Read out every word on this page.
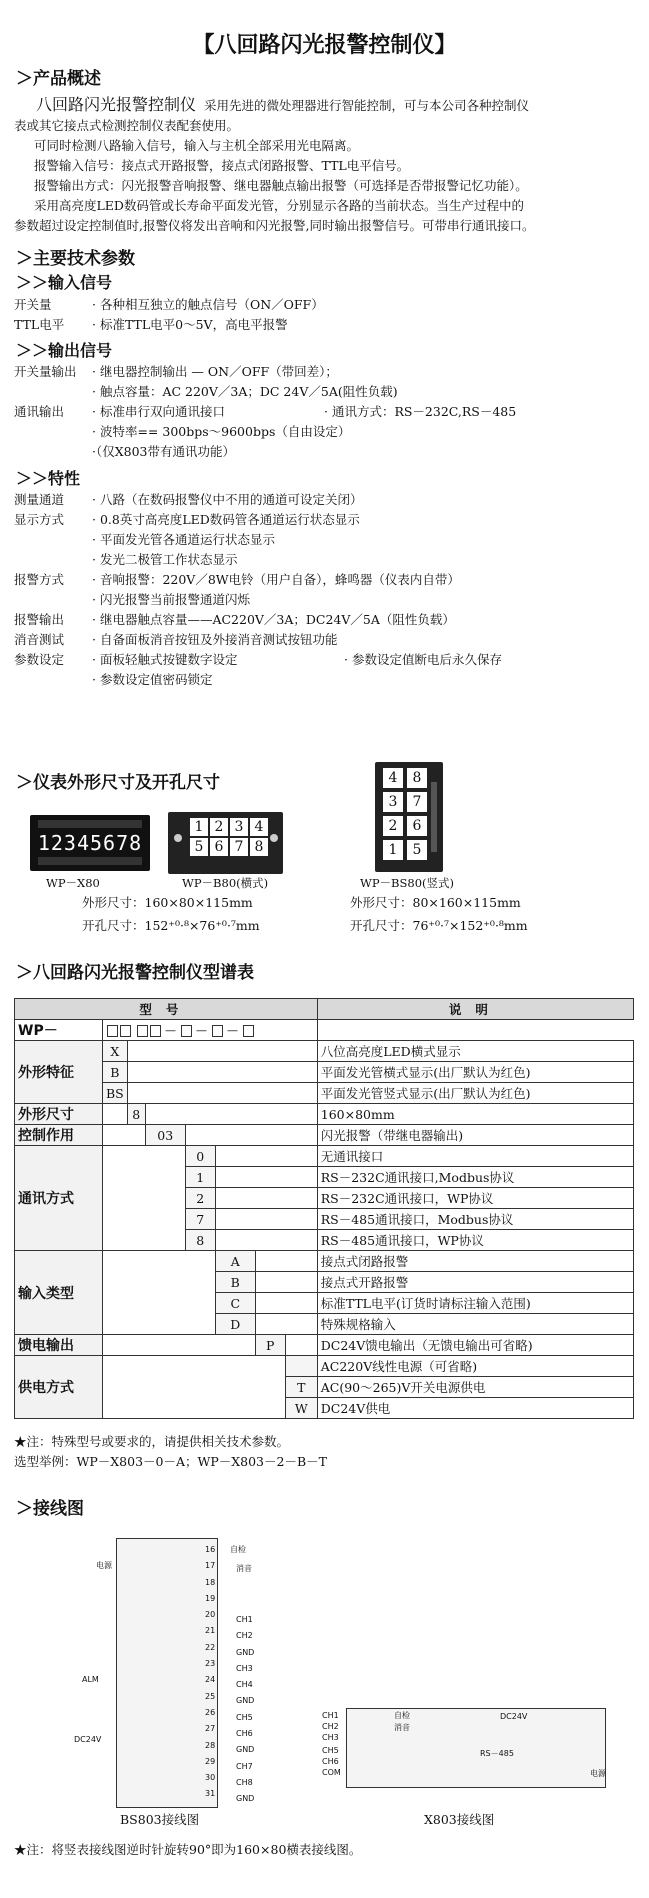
【八回路闪光报警控制仪】
＞产品概述
八回路闪光报警控制仪 采用先进的微处理器进行智能控制，可与本公司各种控制仪
表或其它接点式检测控制仪表配套使用。
可同时检测八路输入信号，输入与主机全部采用光电隔离。
报警输入信号：接点式开路报警，接点式闭路报警、TTL电平信号。
报警输出方式：闪光报警音响报警、继电器触点输出报警（可选择是否带报警记忆功能）。
采用高亮度LED数码管或长寿命平面发光管，分别显示各路的当前状态。当生产过程中的
参数超过设定控制值时,报警仪将发出音响和闪光报警,同时输出报警信号。可带串行通讯接口。
＞主要技术参数
＞＞输入信号
开关量	· 各种相互独立的触点信号（ON／OFF）
TTL电平 · 标准TTL电平0～5V，高电平报警
＞＞输出信号
开关量输出 · 继电器控制输出 — ON／OFF（带回差）；
· 触点容量：AC 220V／3A；DC 24V／5A(阻性负载)
通讯输出 · 标准串行双向通讯接口	· 通讯方式：RS－232C,RS－485
· 波特率== 300bps～9600bps（自由设定）
·（仅X803带有通讯功能）
＞＞特性
测量通道 · 八路（在数码报警仪中不用的通道可设定关闭）
显示方式 · 0.8英寸高亮度LED数码管各通道运行状态显示
· 平面发光管各通道运行状态显示
· 发光二极管工作状态显示
报警方式 · 音响报警：220V／8W电铃（用户自备），蜂鸣器（仪表内自带）
· 闪光报警当前报警通道闪烁
报警输出 · 继电器触点容量——AC220V／3A；DC24V／5A（阻性负载）
消音测试 · 自备面板消音按钮及外接消音测试按钮功能
参数设定 · 面板轻触式按键数字设定	· 参数设定值断电后永久保存
· 参数设定值密码锁定
＞仪表外形尺寸及开孔尺寸
12345678
WP－X80
1 2 3 4
5 6 7 8
WP－B80(横式)
4	8
3	7
2	6
1	5
WP－BS80(竖式)
外形尺寸：160×80×115mm
开孔尺寸：152⁺⁰·⁸×76⁺⁰·⁷mm
外形尺寸：80×160×115mm
开孔尺寸：76⁺⁰·⁷×152⁺⁰·⁸mm
＞八回路闪光报警控制仪型谱表
型号								说明
WP－	—  —  —							
外形特征	X							八位高亮度LED横式显示
	B							平面发光管横式显示(出厂默认为红色)
	BS							平面发光管竖式显示(出厂默认为红色)
外形尺寸		8						160×80mm
控制作用			03					闪光报警（带继电器输出)
通讯方式				0				无通讯接口
				1				RS－232C通讯接口,Modbus协议
				2				RS－232C通讯接口，WP协议
				7				RS－485通讯接口，Modbus协议
				8				RS－485通讯接口，WP协议
输入类型					A			接点式闭路报警
					B			接点式开路报警
					C			标准TTL电平(订货时请标注输入范围)
					D			特殊规格输入
馈电输出						P		DC24V馈电输出（无馈电输出可省略)
供电方式								AC220V线性电源（可省略)
							T	AC(90～265)V开关电源供电
							W	DC24V供电
★注：特殊型号或要求的，请提供相关技术参数。
选型举例：WP－X803－0－A；WP－X803－2－B－T
＞接线图
电源
自检
消音
ALM
DC24V
16
17
18
19
20
21
22
23
24
25
26
27
28
29
30
31
CH1
CH2
GND
CH3
CH4
GND
CH5
CH6
GND
CH7
CH8
GND
BS803接线图
CH1
CH2
CH3
自检
消音
DC24V
CH5
CH6
COM
RS－485
电源
X803接线图
★注：将竖表接线图逆时针旋转90°即为160×80横表接线图。
